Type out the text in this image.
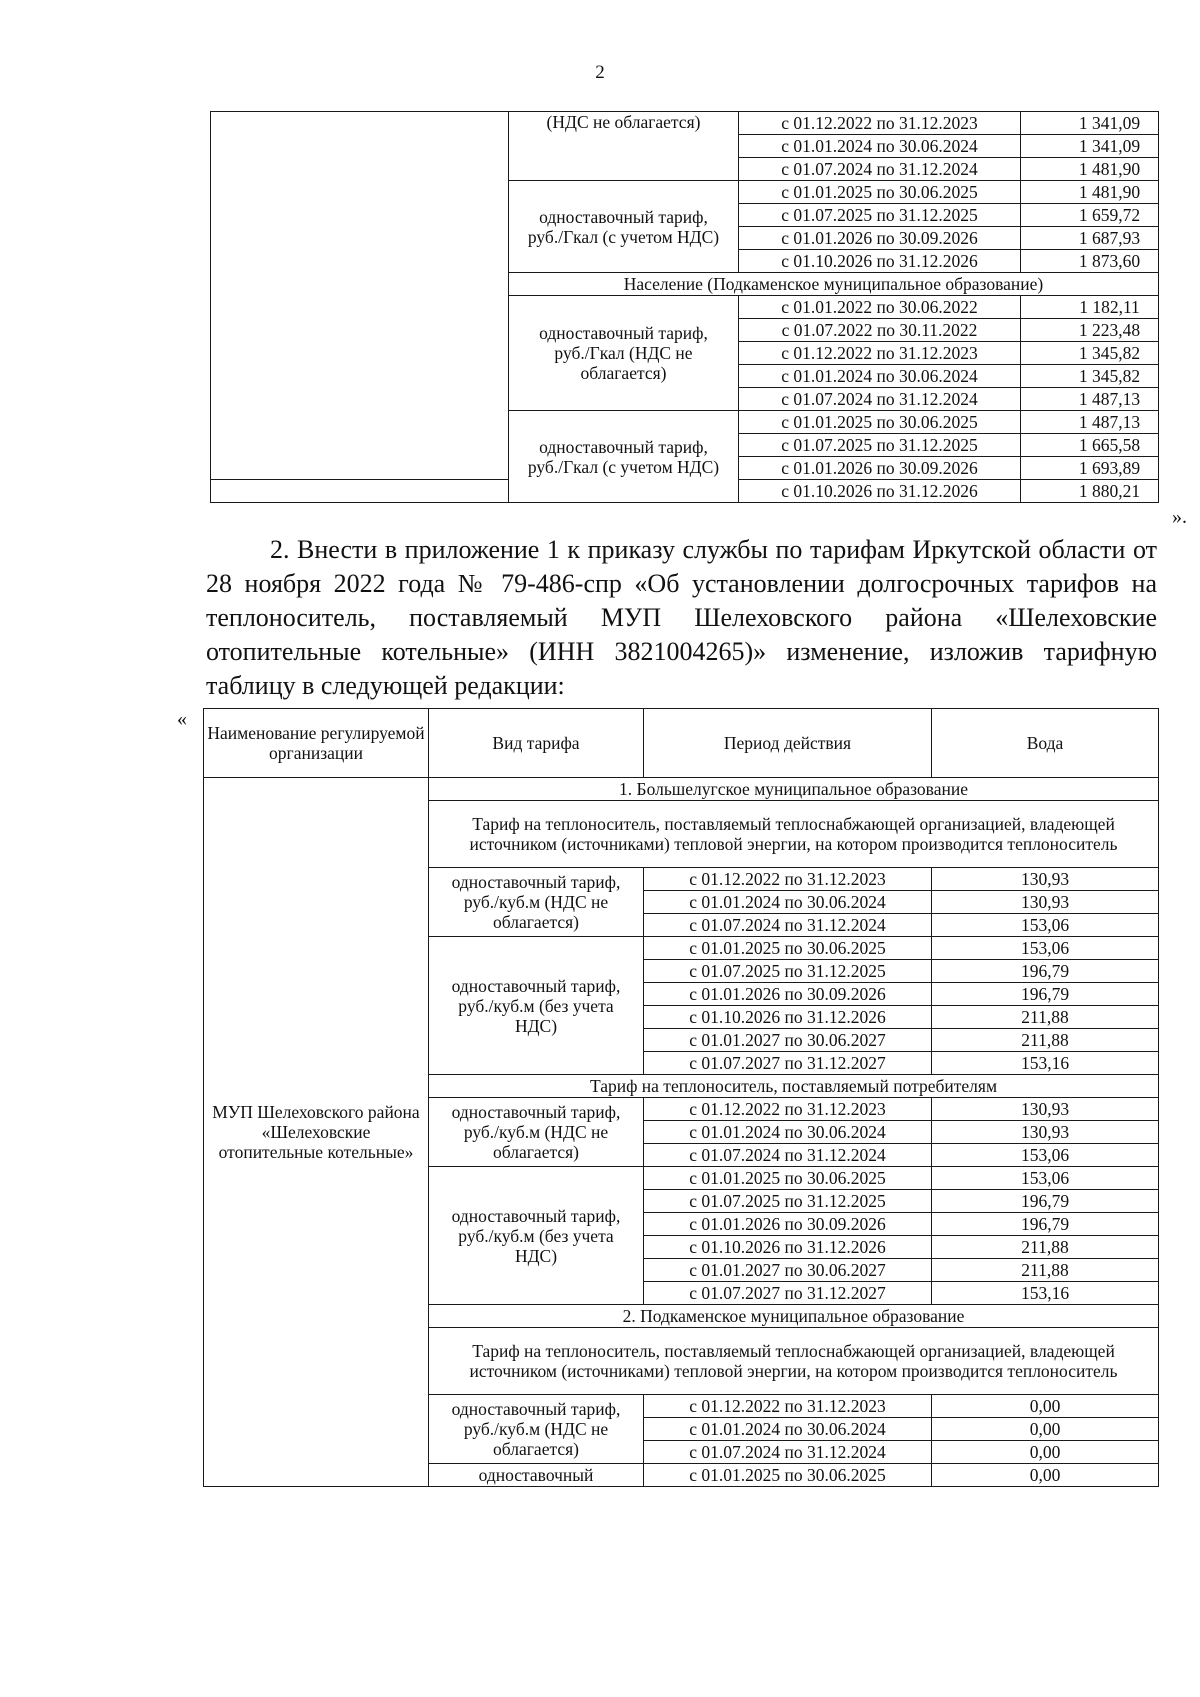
2
	(НДС не облагается)	с 01.12.2022 по 31.12.2023	1 341,09
		с 01.01.2024 по 30.06.2024	1 341,09
		с 01.07.2024 по 31.12.2024	1 481,90
	одноставочный тариф, руб./Гкал (с учетом НДС)	с 01.01.2025 по 30.06.2025	1 481,90
		с 01.07.2025 по 31.12.2025	1 659,72
		с 01.01.2026 по 30.09.2026	1 687,93
		с 01.10.2026 по 31.12.2026	1 873,60
	Население (Подкаменское муниципальное образование)		
	одноставочный тариф, руб./Гкал (НДС не облагается)	с 01.01.2022 по 30.06.2022	1 182,11
		с 01.07.2022 по 30.11.2022	1 223,48
		с 01.12.2022 по 31.12.2023	1 345,82
		с 01.01.2024 по 30.06.2024	1 345,82
		с 01.07.2024 по 31.12.2024	1 487,13
	одноставочный тариф, руб./Гкал (с учетом НДС)	с 01.01.2025 по 30.06.2025	1 487,13
		с 01.07.2025 по 31.12.2025	1 665,58
		с 01.01.2026 по 30.09.2026	1 693,89
		с 01.10.2026 по 31.12.2026	1 880,21
».

2. Внести в приложение 1 к приказу службы по тарифам Иркутской области от 28 ноября 2022 года № 79-486-спр «Об установлении долгосрочных тарифов на теплоноситель, поставляемый МУП Шелеховского района «Шелеховские отопительные котельные» (ИНН 3821004265)» изменение, изложив тарифную таблицу в следующей редакции:

«
Наименование регулируемой организации	Вид тарифа	Период действия	Вода
МУП Шелеховского района «Шелеховские отопительные котельные»	1. Большелугское муниципальное образование		
	Тариф на теплоноситель, поставляемый теплоснабжающей организацией, владеющей источником (источниками) тепловой энергии, на котором производится теплоноситель		
	одноставочный тариф, руб./куб.м (НДС не облагается)	с 01.12.2022 по 31.12.2023	130,93
		с 01.01.2024 по 30.06.2024	130,93
		с 01.07.2024 по 31.12.2024	153,06
	одноставочный тариф, руб./куб.м (без учета НДС)	с 01.01.2025 по 30.06.2025	153,06
		с 01.07.2025 по 31.12.2025	196,79
		с 01.01.2026 по 30.09.2026	196,79
		с 01.10.2026 по 31.12.2026	211,88
		с 01.01.2027 по 30.06.2027	211,88
		с 01.07.2027 по 31.12.2027	153,16
	Тариф на теплоноситель, поставляемый потребителям		
	одноставочный тариф, руб./куб.м (НДС не облагается)	с 01.12.2022 по 31.12.2023	130,93
		с 01.01.2024 по 30.06.2024	130,93
		с 01.07.2024 по 31.12.2024	153,06
	одноставочный тариф, руб./куб.м (без учета НДС)	с 01.01.2025 по 30.06.2025	153,06
		с 01.07.2025 по 31.12.2025	196,79
		с 01.01.2026 по 30.09.2026	196,79
		с 01.10.2026 по 31.12.2026	211,88
		с 01.01.2027 по 30.06.2027	211,88
		с 01.07.2027 по 31.12.2027	153,16
	2. Подкаменское муниципальное образование		
	Тариф на теплоноситель, поставляемый теплоснабжающей организацией, владеющей источником (источниками) тепловой энергии, на котором производится теплоноситель		
	одноставочный тариф, руб./куб.м (НДС не облагается)	с 01.12.2022 по 31.12.2023	0,00
		с 01.01.2024 по 30.06.2024	0,00
		с 01.07.2024 по 31.12.2024	0,00
	одноставочный	с 01.01.2025 по 30.06.2025	0,00
